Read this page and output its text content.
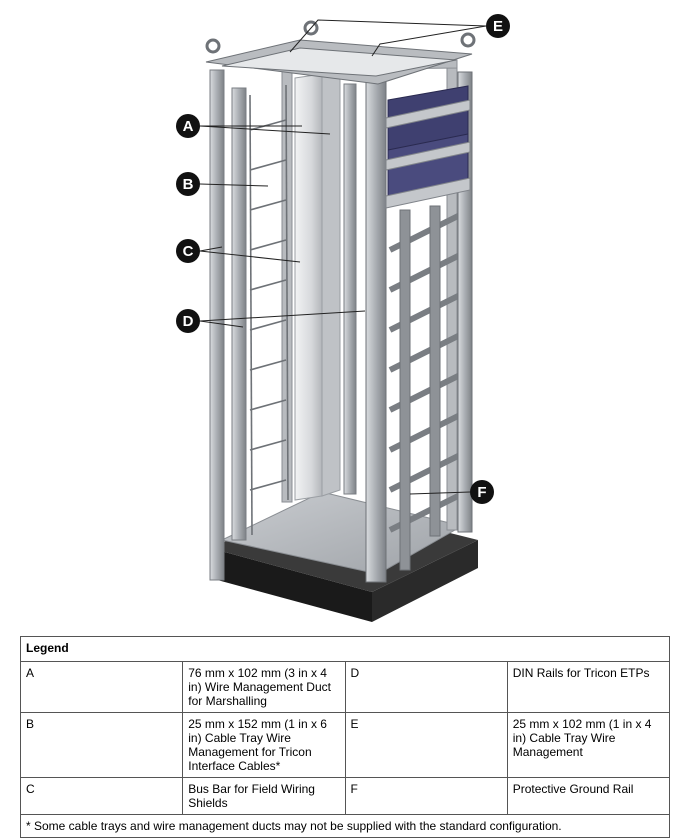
A
B
C
D
E
F
Legend			
A	76 mm x 102 mm (3 in x 4 in) Wire Management Duct for Marshalling	D	DIN Rails for Tricon ETPs
B	25 mm x 152 mm (1 in x 6 in) Cable Tray Wire Management for Tricon Interface Cables*	E	25 mm x 102 mm (1 in x 4 in) Cable Tray Wire Management
C	Bus Bar for Field Wiring Shields	F	Protective Ground Rail
* Some cable trays and wire management ducts may not be supplied with the standard configuration.			
